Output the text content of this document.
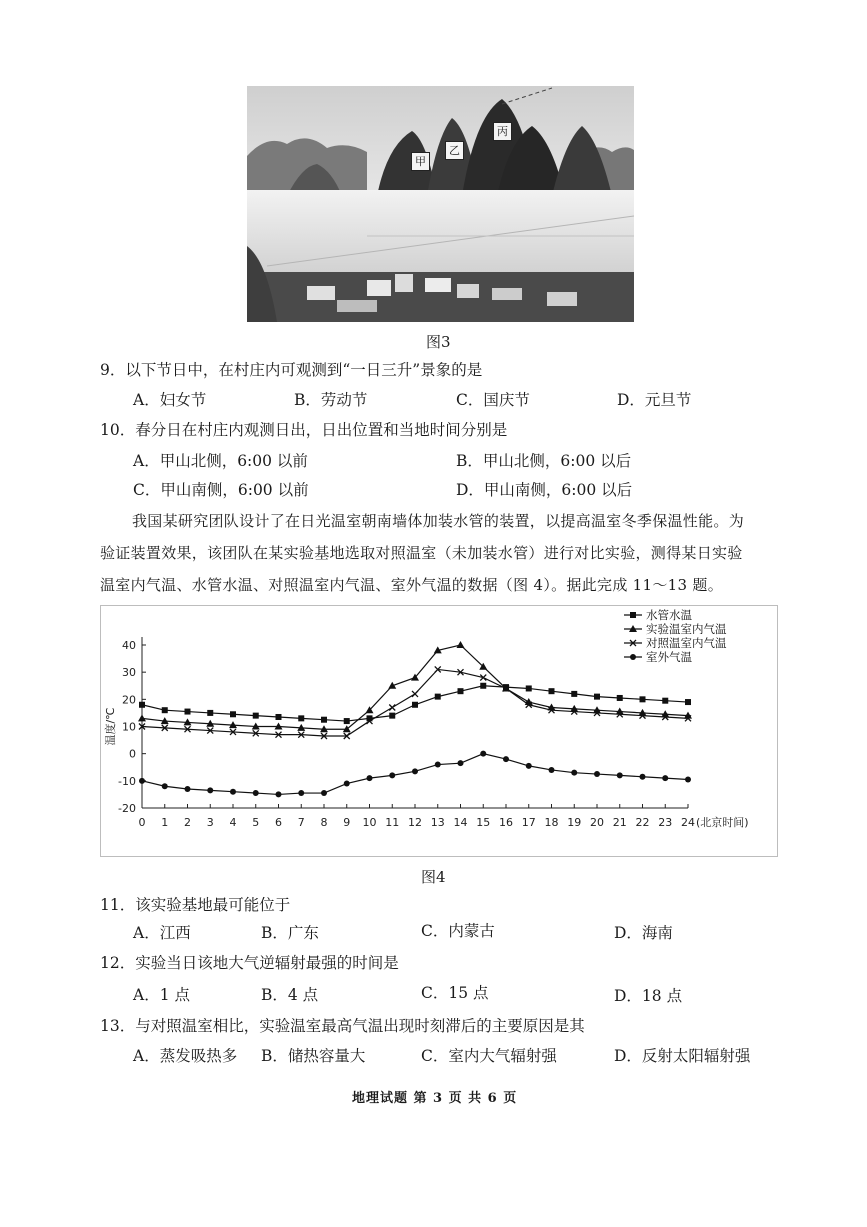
甲
乙
丙
图3
9．以下节日中，在村庄内可观测到“一日三升”景象的是
A．妇女节	B．劳动节	C．国庆节	D．元旦节
10．春分日在村庄内观测日出，日出位置和当地时间分别是
A．甲山北侧，6:00 以前	B．甲山北侧，6:00 以后
C．甲山南侧，6:00 以前	D．甲山南侧，6:00 以后
我国某研究团队设计了在日光温室朝南墙体加装水管的装置，以提高温室冬季保温性能。为
验证装置效果，该团队在某实验基地选取对照温室（未加装水管）进行对比实验，测得某日实验
温室内气温、水管水温、对照温室内气温、室外气温的数据（图 4）。据此完成 11～13 题。
-20
-10
0
10
20
30
40
0 1 2 3 4 5 6 7 8 9 10 11 12 13 14 15 16 17 18 19 20 21 22 23 24 (北京时间)
温度/℃
水管水温
实验温室内气温
对照温室内气温
室外气温
图4
11．该实验基地最可能位于
A．江西	B．广东	C．内蒙古	D．海南
12．实验当日该地大气逆辐射最强的时间是
A．1 点	B．4 点	C．15 点	D．18 点
13．与对照温室相比，实验温室最高气温出现时刻滞后的主要原因是其
A．蒸发吸热多 B．储热容量大	C．室内大气辐射强	D．反射太阳辐射强
地理试题 第 3 页 共 6 页
